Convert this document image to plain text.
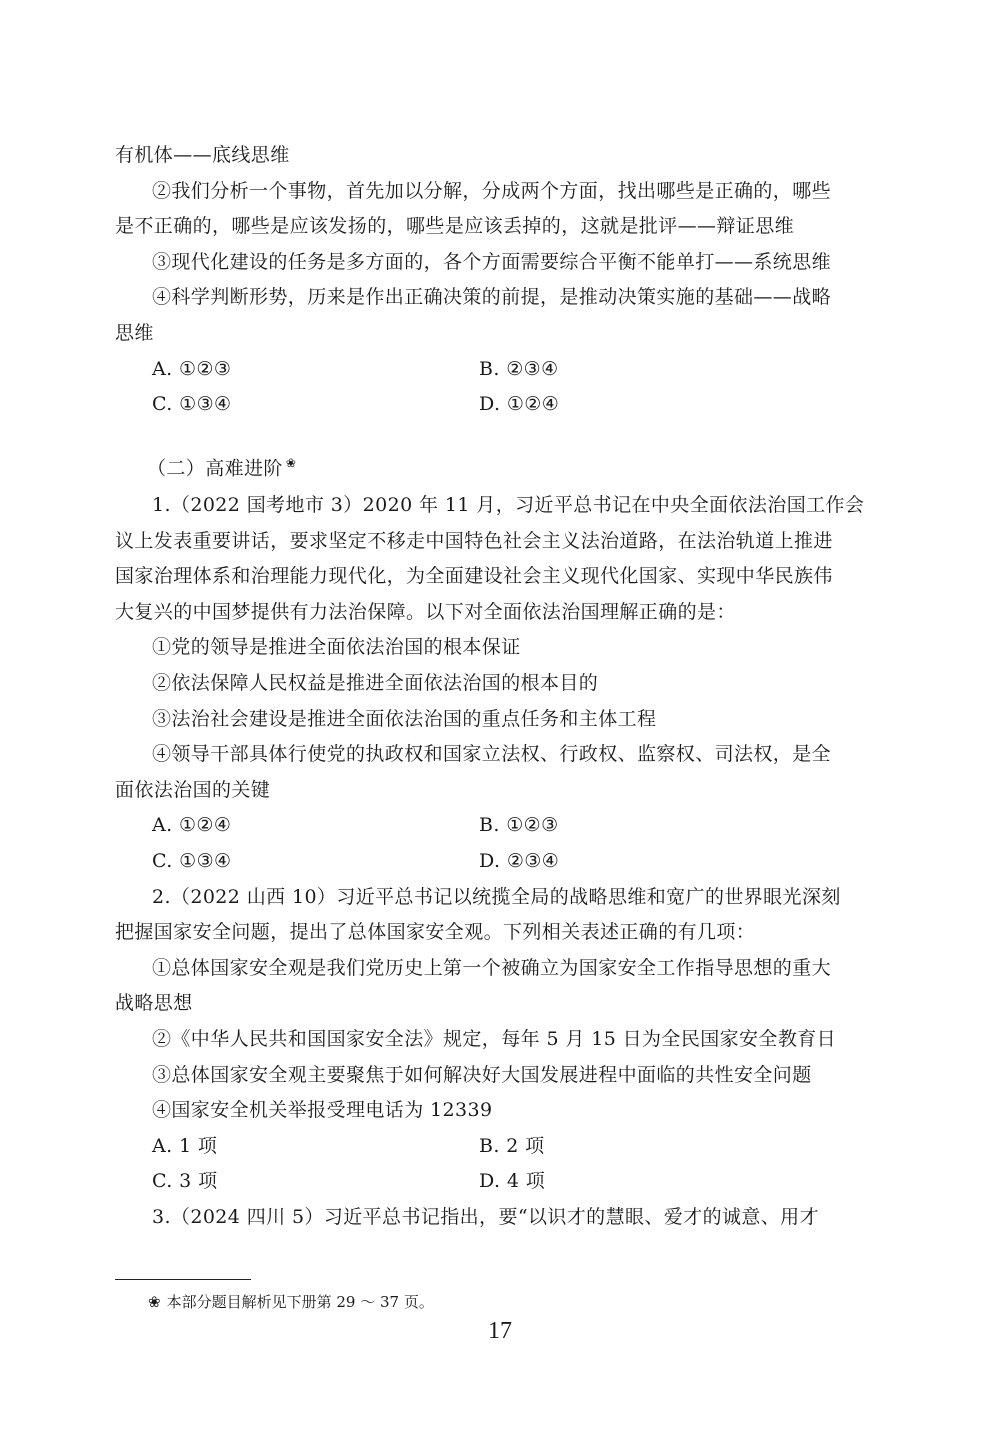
有机体——底线思维

②我们分析一个事物，首先加以分解，分成两个方面，找出哪些是正确的，哪些

是不正确的，哪些是应该发扬的，哪些是应该丢掉的，这就是批评——辩证思维

③现代化建设的任务是多方面的，各个方面需要综合平衡不能单打——系统思维

④科学判断形势，历来是作出正确决策的前提，是推动决策实施的基础——战略

思维

A. ①②③	B. ②③④
C. ①③④	D. ①②④
（二）高难进阶 ❀

1.（2022 国考地市 3）2020 年 11 月，习近平总书记在中央全面依法治国工作会

议上发表重要讲话，要求坚定不移走中国特色社会主义法治道路，在法治轨道上推进

国家治理体系和治理能力现代化，为全面建设社会主义现代化国家、实现中华民族伟

大复兴的中国梦提供有力法治保障。以下对全面依法治国理解正确的是：

①党的领导是推进全面依法治国的根本保证

②依法保障人民权益是推进全面依法治国的根本目的

③法治社会建设是推进全面依法治国的重点任务和主体工程

④领导干部具体行使党的执政权和国家立法权、行政权、监察权、司法权，是全

面依法治国的关键

A. ①②④	B. ①②③
C. ①③④	D. ②③④

2.（2022 山西 10）习近平总书记以统揽全局的战略思维和宽广的世界眼光深刻

把握国家安全问题，提出了总体国家安全观。下列相关表述正确的有几项：

①总体国家安全观是我们党历史上第一个被确立为国家安全工作指导思想的重大

战略思想

②《中华人民共和国国家安全法》规定，每年 5 月 15 日为全民国家安全教育日

③总体国家安全观主要聚焦于如何解决好大国发展进程中面临的共性安全问题

④国家安全机关举报受理电话为 12339

A. 1 项	B. 2 项
C. 3 项	D. 4 项

3.（2024 四川 5）习近平总书记指出，要“以识才的慧眼、爱才的诚意、用才

❀ 本部分题目解析见下册第 29 ～ 37 页。
17
